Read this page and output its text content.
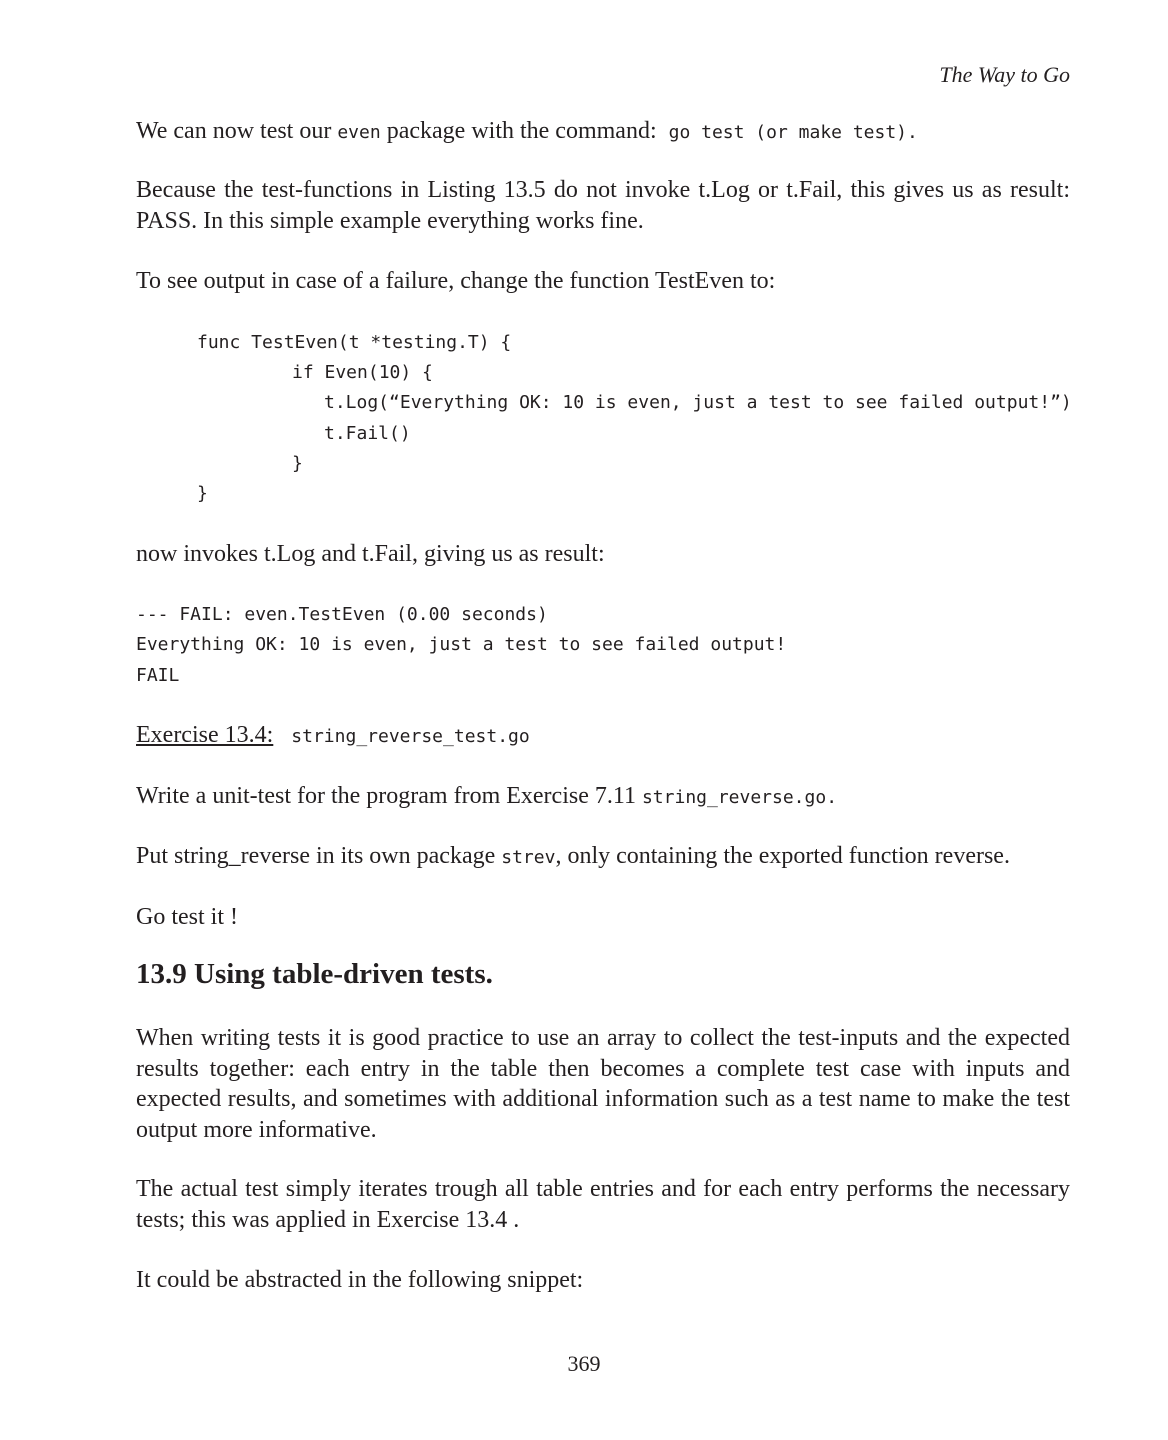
The Way to Go
We can now test our even package with the command: go test (or make test).
Because the test-functions in Listing 13.5 do not invoke t.Log or t.Fail, this gives us as result: PASS. In this simple example everything works fine.
To see output in case of a failure, change the function TestEven to:
func TestEven(t *testing.T) {
if Even(10) {
t.Log(“Everything OK: 10 is even, just a test to see failed output!”)
t.Fail()
}
}
now invokes t.Log and t.Fail, giving us as result:
--- FAIL: even.TestEven (0.00 seconds)
Everything OK: 10 is even, just a test to see failed output!
FAIL
Exercise 13.4: string_reverse_test.go
Write a unit-test for the program from Exercise 7.11 string_reverse.go.
Put string_reverse in its own package strev, only containing the exported function reverse.
Go test it !
13.9 Using table-driven tests.
When writing tests it is good practice to use an array to collect the test-inputs and the expected results together: each entry in the table then becomes a complete test case with inputs and expected results, and sometimes with additional information such as a test name to make the test output more informative.
The actual test simply iterates trough all table entries and for each entry performs the necessary tests; this was applied in Exercise 13.4 .
It could be abstracted in the following snippet:
369
